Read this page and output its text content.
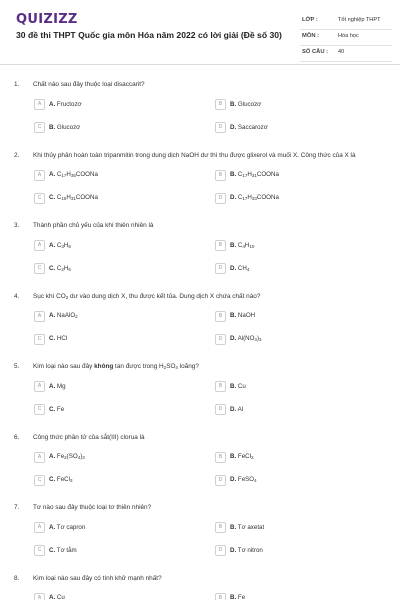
QUIZIZZ
30 đề thi THPT Quốc gia môn Hóa năm 2022 có lời giải (Đề số 30)
LỚP :	Tốt nghiệp THPT
MÔN :	Hóa học
SỐ CÂU : 40
1. Chất nào sau đây thuộc loại disaccarit?
A	A. Fructozơ	B	B. Glucozơ
C	B. Glucozơ	D	D. Saccarozơ
2. Khi thủy phân hoàn toàn tripanmitin trong dung dịch NaOH dư thì thu được glixerol và muối X. Công thức của X là
A	A. $C_{17}H_{35}COONa$	B	B. $C_{17}H_{31}COONa$
C	C. $C_{15}H_{31}COONa$	D	D. $C_{17}H_{33}COONa$
3. Thành phần chủ yếu của khí thiên nhiên là
A	A. $C_3H_8$	B	B. $C_4H_{10}$
C	C. $C_2H_6$	D	D. $CH_4$
4. Sục khí $CO_2$ dư vào dung dịch X, thu được kết tủa. Dung dịch X chứa chất nào?
A	A. NaAlO$_2$	B	B. NaOH
C	C. HCl	D	D. $Al(NO_3)_3$
5. Kim loại nào sau đây không tan được trong $H_2SO_4$ loãng?
A	A. Mg	B	B. Cu
C	C. Fe	D	D. Al
6. Công thức phân tử của sắt(III) clorua là
A	A. $Fe_2(SO_4)_3$	B	B. FeCl$_2$
C	C. FeCl$_3$	D	D. FeSO$_4$
7. Tơ nào sau đây thuộc loại tơ thiên nhiên?
A	A. Tơ capron	B	B. Tơ axetat
C	C. Tơ tằm	D	D. Tơ nitron
8. Kim loại nào sau đây có tính khử mạnh nhất?
A	A. Cu	B	B. Fe
